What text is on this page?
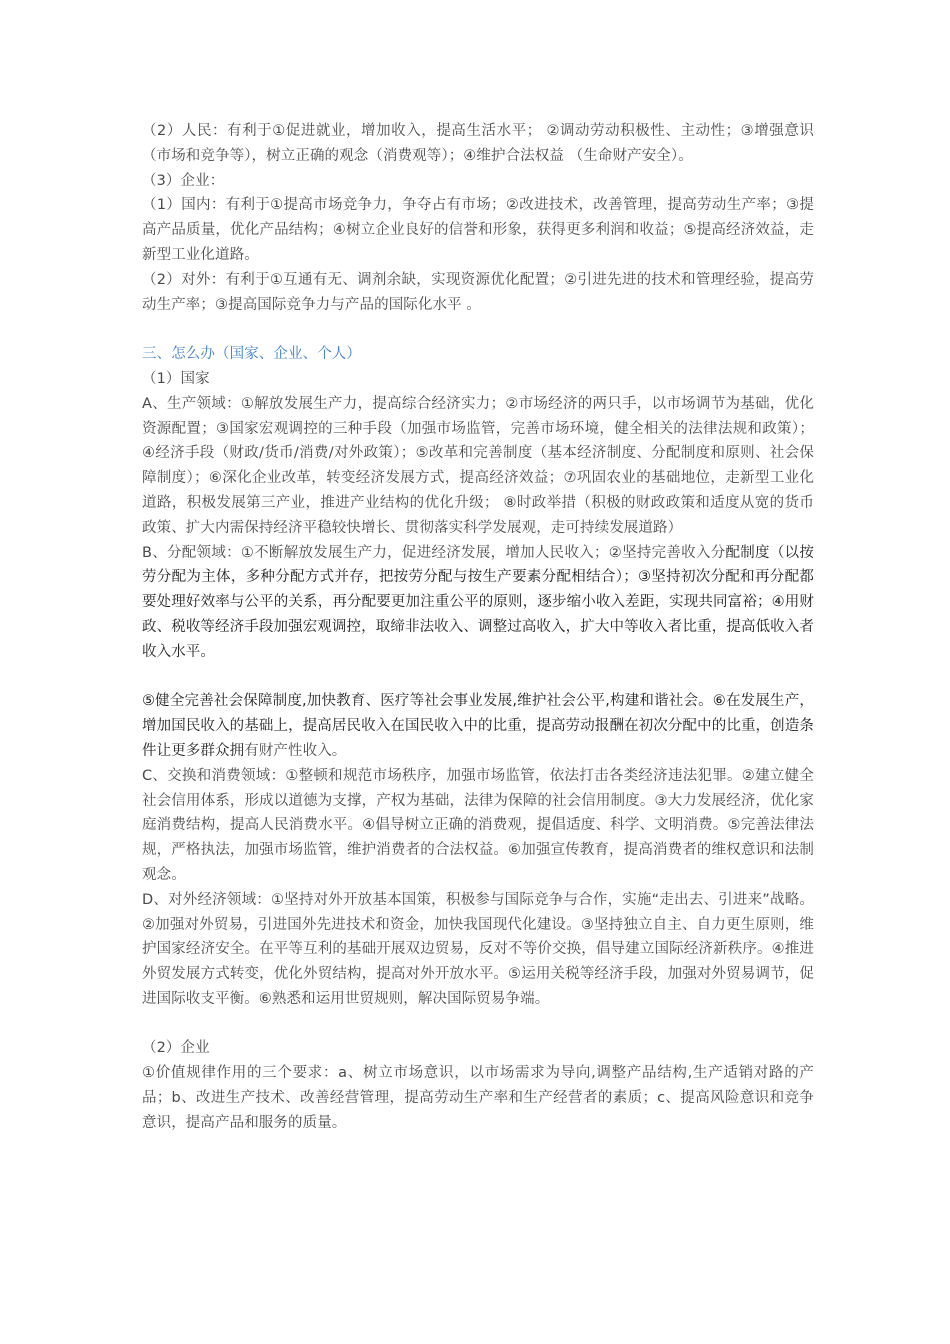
（2）人民：有利于①促进就业，增加收入，提高生活水平； ②调动劳动积极性、主动性；③增强意识（市场和竞争等），树立正确的观念（消费观等）；④维护合法权益 （生命财产安全）。

（3）企业：

（1）国内：有利于①提高市场竞争力，争夺占有市场；②改进技术，改善管理，提高劳动生产率；③提高产品质量，优化产品结构；④树立企业良好的信誉和形象，获得更多利润和收益；⑤提高经济效益，走新型工业化道路。

（2）对外：有利于①互通有无、调剂余缺，实现资源优化配置；②引进先进的技术和管理经验，提高劳动生产率；③提高国际竞争力与产品的国际化水平 。

三、怎么办（国家、企业、个人）

（1）国家

A、生产领域：①解放发展生产力，提高综合经济实力；②市场经济的两只手，以市场调节为基础，优化资源配置；③国家宏观调控的三种手段（加强市场监管，完善市场环境，健全相关的法律法规和政策）；④经济手段（财政/货币/消费/对外政策）；⑤改革和完善制度（基本经济制度、分配制度和原则、社会保障制度）；⑥深化企业改革，转变经济发展方式，提高经济效益；⑦巩固农业的基础地位，走新型工业化道路，积极发展第三产业，推进产业结构的优化升级； ⑧时政举措（积极的财政政策和适度从宽的货币政策、扩大内需保持经济平稳较快增长、贯彻落实科学发展观，走可持续发展道路）

B、分配领域：①不断解放发展生产力，促进经济发展，增加人民收入；②坚持完善收入分配制度（以按劳分配为主体，多种分配方式并存，把按劳分配与按生产要素分配相结合）；③坚持初次分配和再分配都要处理好效率与公平的关系，再分配要更加注重公平的原则，逐步缩小收入差距，实现共同富裕；④用财政、税收等经济手段加强宏观调控，取缔非法收入、调整过高收入，扩大中等收入者比重，提高低收入者收入水平。

⑤健全完善社会保障制度,加快教育、医疗等社会事业发展,维护社会公平,构建和谐社会。⑥在发展生产，增加国民收入的基础上，提高居民收入在国民收入中的比重，提高劳动报酬在初次分配中的比重，创造条件让更多群众拥有财产性收入。

C、交换和消费领域：①整顿和规范市场秩序，加强市场监管，依法打击各类经济违法犯罪。②建立健全社会信用体系，形成以道德为支撑，产权为基础，法律为保障的社会信用制度。③大力发展经济，优化家庭消费结构，提高人民消费水平。④倡导树立正确的消费观，提倡适度、科学、文明消费。⑤完善法律法规，严格执法，加强市场监管，维护消费者的合法权益。⑥加强宣传教育，提高消费者的维权意识和法制观念。

D、对外经济领域：①坚持对外开放基本国策，积极参与国际竞争与合作，实施“走出去、引进来”战略。 ②加强对外贸易，引进国外先进技术和资金，加快我国现代化建设。③坚持独立自主、自力更生原则，维护国家经济安全。在平等互利的基础开展双边贸易，反对不等价交换，倡导建立国际经济新秩序。④推进外贸发展方式转变，优化外贸结构，提高对外开放水平。⑤运用关税等经济手段，加强对外贸易调节，促进国际收支平衡。⑥熟悉和运用世贸规则，解决国际贸易争端。

（2）企业

①价值规律作用的三个要求：a、树立市场意识，以市场需求为导向,调整产品结构,生产适销对路的产品；b、改进生产技术、改善经营管理，提高劳动生产率和生产经营者的素质；c、提高风险意识和竞争意识，提高产品和服务的质量。
